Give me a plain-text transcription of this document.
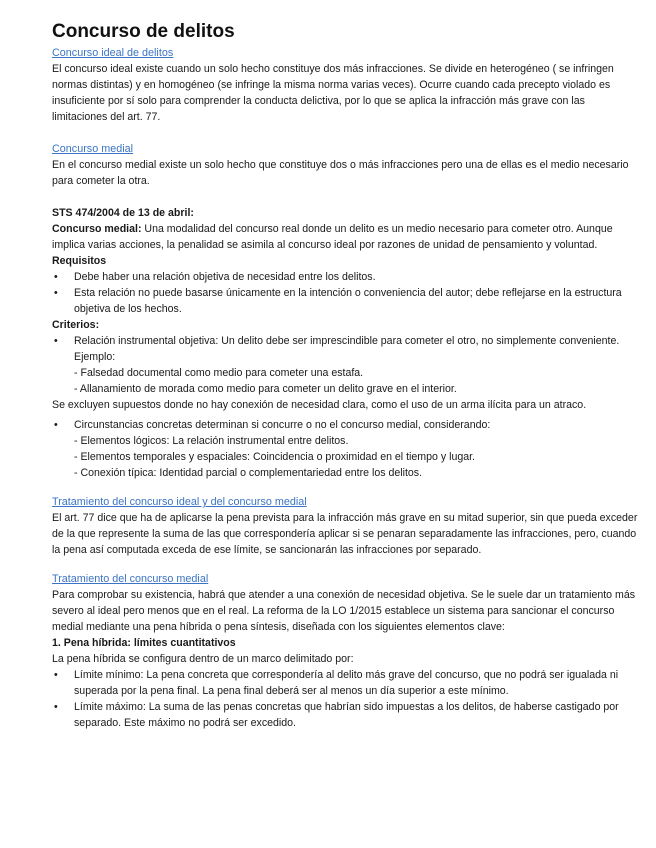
Concurso de delitos
Concurso ideal de delitos

El concurso ideal existe cuando un solo hecho constituye dos más infracciones. Se divide en heterogéneo ( se infringen normas distintas) y en homogéneo (se infringe la misma norma varias veces). Ocurre cuando cada precepto violado es insuficiente por sí solo para comprender la conducta delictiva, por lo que se aplica la infracción más grave con las limitaciones del art. 77.

Concurso medial

En el concurso medial existe un solo hecho que constituye dos o más infracciones pero una de ellas es el medio necesario para cometer la otra.

STS 474/2004 de 13 de abril:

Concurso medial: Una modalidad del concurso real donde un delito es un medio necesario para cometer otro. Aunque implica varias acciones, la penalidad se asimila al concurso ideal por razones de unidad de pensamiento y voluntad.

Requisitos

• Debe haber una relación objetiva de necesidad entre los delitos.
• Esta relación no puede basarse únicamente en la intención o conveniencia del autor; debe reflejarse en la estructura objetiva de los hechos.

Criterios:

• Relación instrumental objetiva: Un delito debe ser imprescindible para cometer el otro, no simplemente conveniente. Ejemplo:
- Falsedad documental como medio para cometer una estafa.
- Allanamiento de morada como medio para cometer un delito grave en el interior.

Se excluyen supuestos donde no hay conexión de necesidad clara, como el uso de un arma ilícita para un atraco.

• Circunstancias concretas determinan si concurre o no el concurso medial, considerando:
- Elementos lógicos: La relación instrumental entre delitos.
- Elementos temporales y espaciales: Coincidencia o proximidad en el tiempo y lugar.
- Conexión típica: Identidad parcial o complementariedad entre los delitos.
Tratamiento del concurso ideal y del concurso medial

El art. 77 dice que ha de aplicarse la pena prevista para la infracción más grave en su mitad superior, sin que pueda exceder de la que represente la suma de las que correspondería aplicar si se penaran separadamente las infracciones, pero, cuando la pena así computada exceda de ese límite, se sancionarán las infracciones por separado.

Tratamiento del concurso medial

Para comprobar su existencia, habrá que atender a una conexión de necesidad objetiva. Se le suele dar un tratamiento más severo al ideal pero menos que en el real. La reforma de la LO 1/2015 establece un sistema para sancionar el concurso medial mediante una pena híbrida o pena síntesis, diseñada con los siguientes elementos clave:

1. Pena híbrida: límites cuantitativos

La pena híbrida se configura dentro de un marco delimitado por:

• Límite mínimo: La pena concreta que correspondería al delito más grave del concurso, que no podrá ser igualada ni superada por la pena final. La pena final deberá ser al menos un día superior a este mínimo.
• Límite máximo: La suma de las penas concretas que habrían sido impuestas a los delitos, de haberse castigado por separado. Este máximo no podrá ser excedido.
